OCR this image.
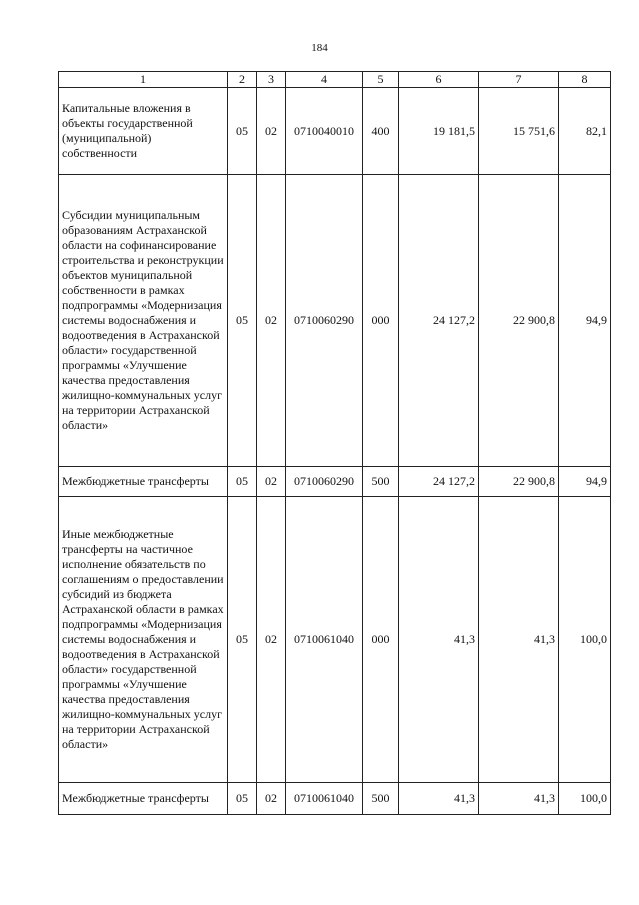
184
1	2	3	4	5	6	7	8
Капитальные вложения в объекты государственной (муниципальной) собственности	05	02	0710040010	400	19 181,5	15 751,6	82,1
Субсидии муниципальным образованиям Астраханской области на софинансирование строительства и реконструкции объектов муниципальной собственности в рамках подпрограммы «Модернизация системы водоснабжения и водоотведения в Астраханской области» государственной программы «Улучшение качества предоставления жилищно-коммунальных услуг на территории Астраханской области»	05	02	0710060290	000	24 127,2	22 900,8	94,9
Межбюджетные трансферты	05	02	0710060290	500	24 127,2	22 900,8	94,9
Иные межбюджетные трансферты на частичное исполнение обязательств по соглашениям о предоставлении субсидий из бюджета Астраханской области в рамках подпрограммы «Модернизация системы водоснабжения и водоотведения в Астраханской области» государственной программы «Улучшение качества предоставления жилищно-коммунальных услуг на территории Астраханской области»	05	02	0710061040	000	41,3	41,3	100,0
Межбюджетные трансферты	05	02	0710061040	500	41,3	41,3	100,0
